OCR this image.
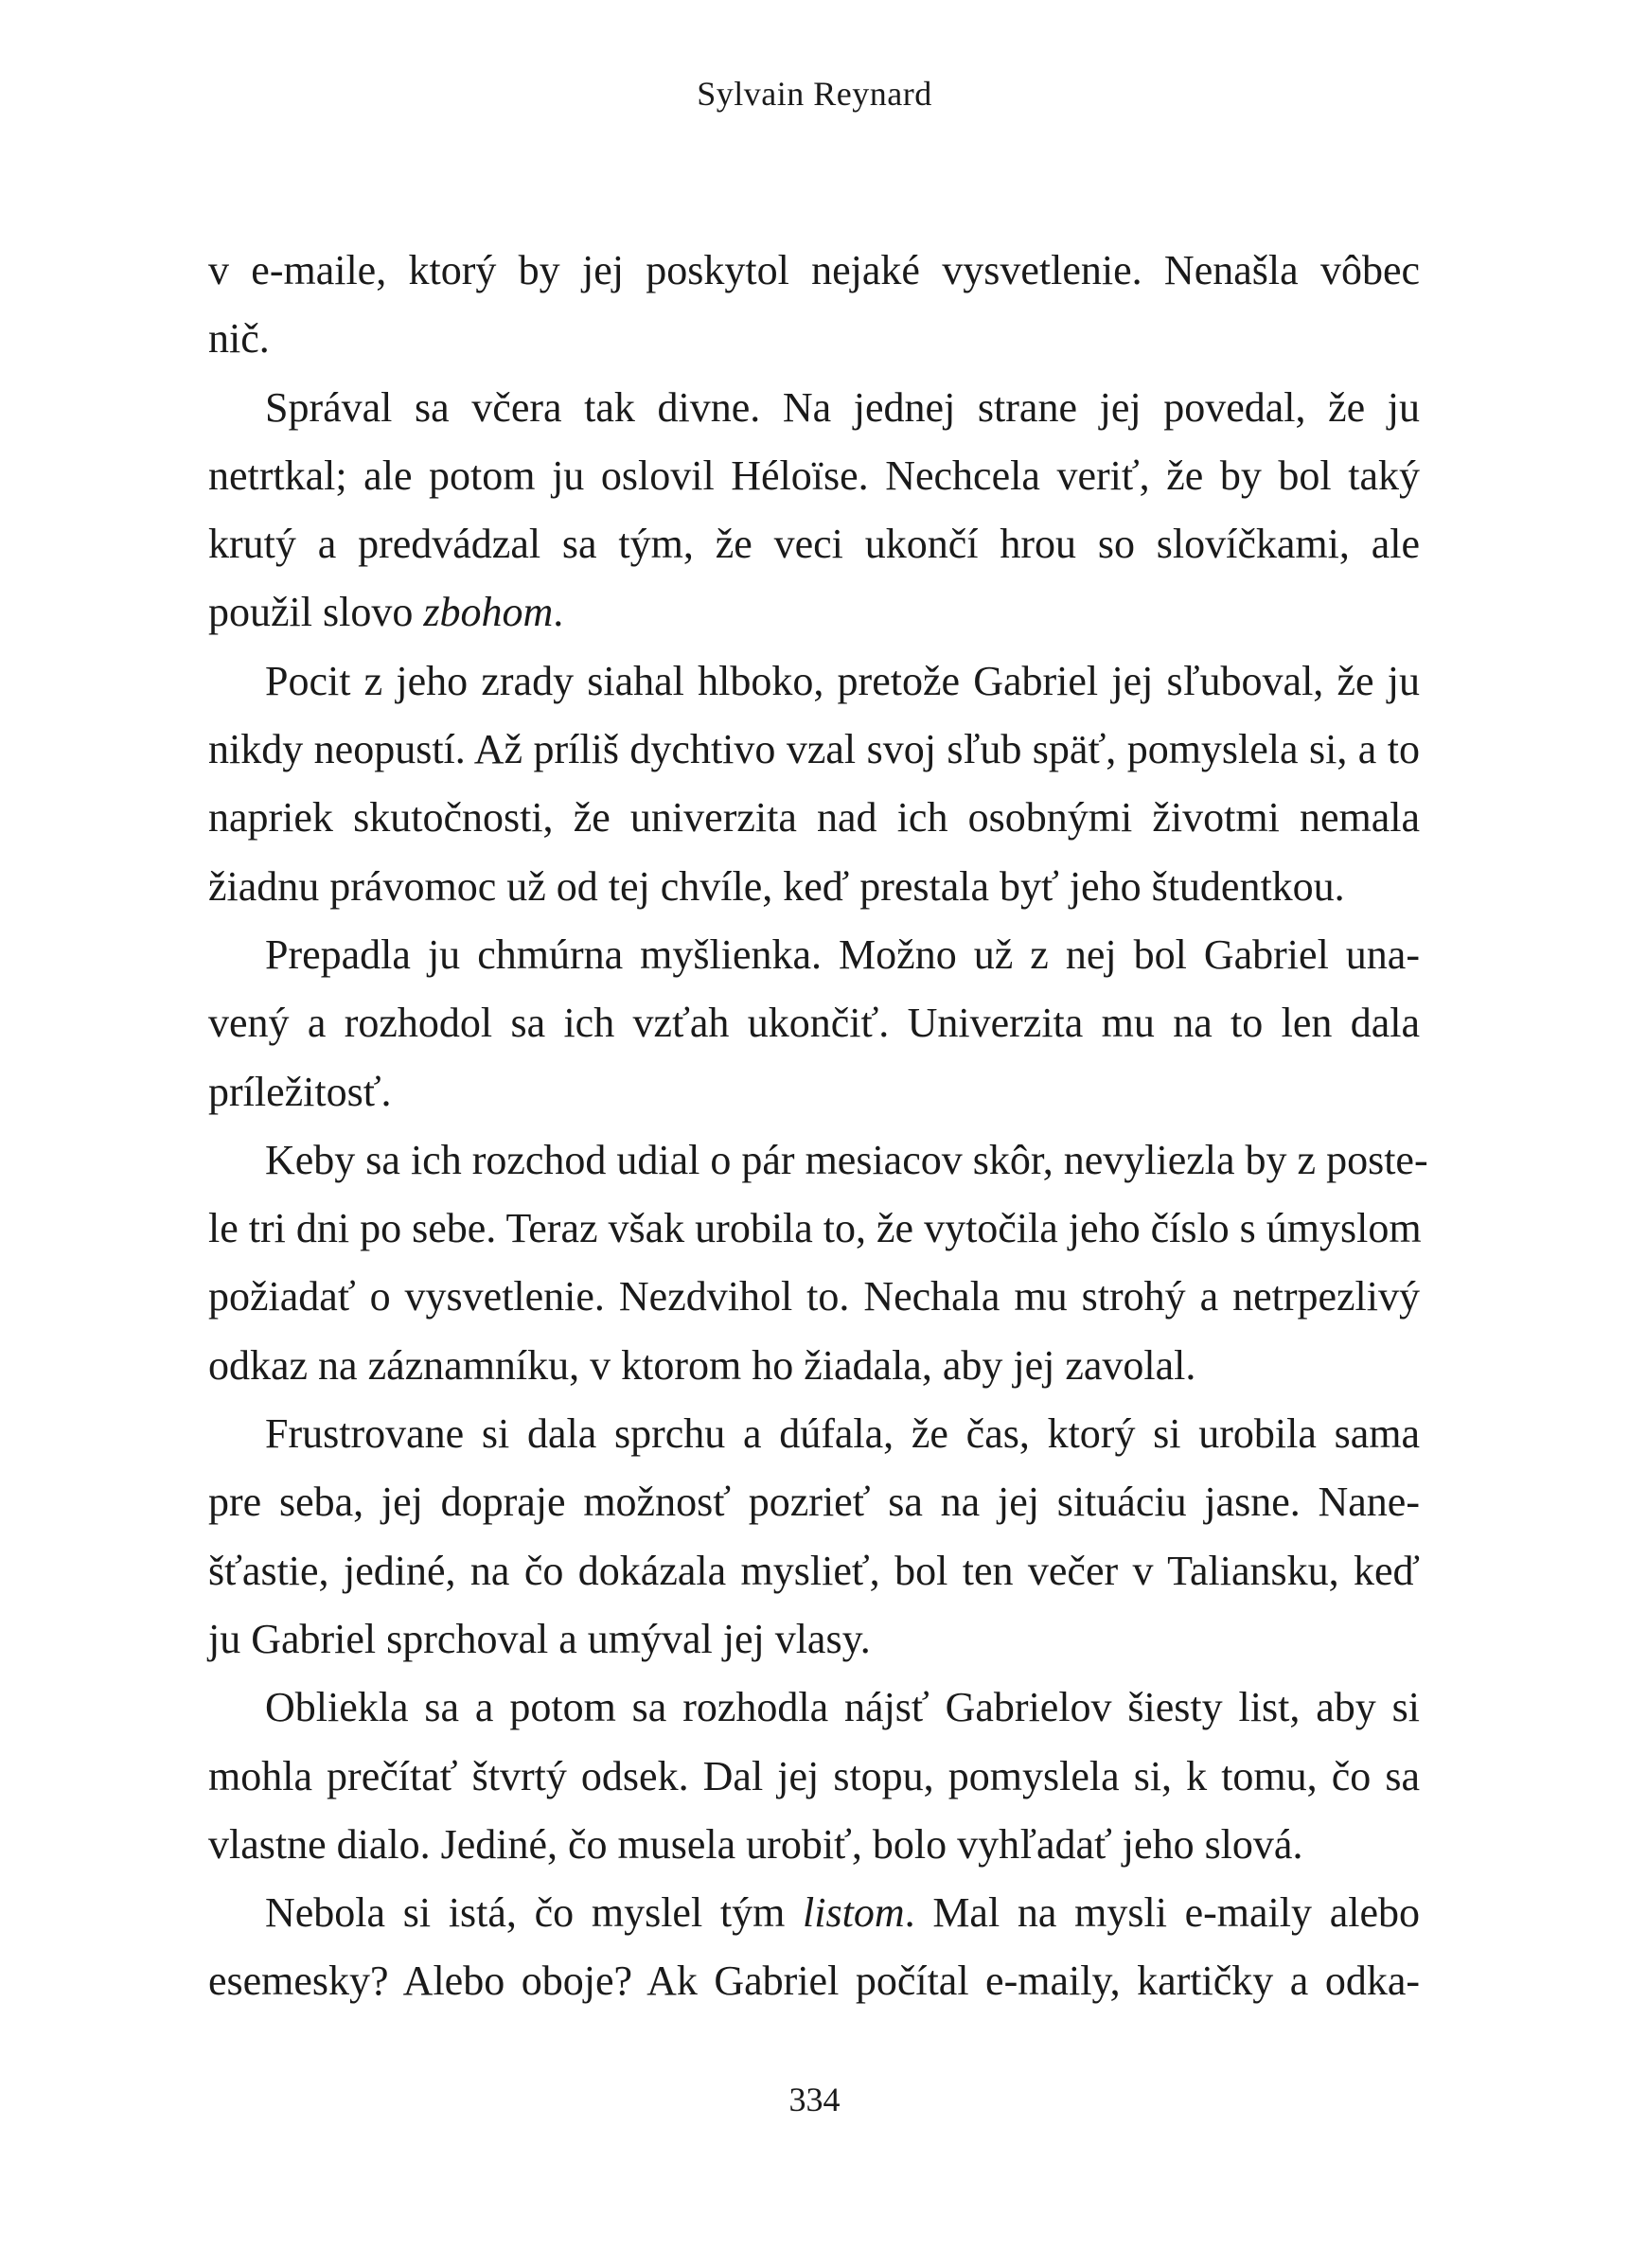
Sylvain Reynard
v e-maile, ktorý by jej poskytol nejaké vysvetlenie. Nenašla vôbec
nič.
Správal sa včera tak divne. Na jednej strane jej povedal, že ju
netrtkal; ale potom ju oslovil Héloïse. Nechcela veriť, že by bol taký
krutý a predvádzal sa tým, že veci ukončí hrou so slovíčkami, ale
použil slovo zbohom.
Pocit z jeho zrady siahal hlboko, pretože Gabriel jej sľuboval, že ju
nikdy neopustí. Až príliš dychtivo vzal svoj sľub späť, pomyslela si, a to
napriek skutočnosti, že univerzita nad ich osobnými životmi nemala
žiadnu právomoc už od tej chvíle, keď prestala byť jeho študentkou.
Prepadla ju chmúrna myšlienka. Možno už z nej bol Gabriel una-
vený a rozhodol sa ich vzťah ukončiť. Univerzita mu na to len dala
príležitosť.
Keby sa ich rozchod udial o pár mesiacov skôr, nevyliezla by z poste-
le tri dni po sebe. Teraz však urobila to, že vytočila jeho číslo s úmyslom
požiadať o vysvetlenie. Nezdvihol to. Nechala mu strohý a netrpezlivý
odkaz na záznamníku, v ktorom ho žiadala, aby jej zavolal.
Frustrovane si dala sprchu a dúfala, že čas, ktorý si urobila sama
pre seba, jej dopraje možnosť pozrieť sa na jej situáciu jasne. Nane-
šťastie, jediné, na čo dokázala myslieť, bol ten večer v Taliansku, keď
ju Gabriel sprchoval a umýval jej vlasy.
Obliekla sa a potom sa rozhodla nájsť Gabrielov šiesty list, aby si
mohla prečítať štvrtý odsek. Dal jej stopu, pomyslela si, k tomu, čo sa
vlastne dialo. Jediné, čo musela urobiť, bolo vyhľadať jeho slová.
Nebola si istá, čo myslel tým listom. Mal na mysli e-maily alebo
esemesky? Alebo oboje? Ak Gabriel počítal e-maily, kartičky a odka-
334
